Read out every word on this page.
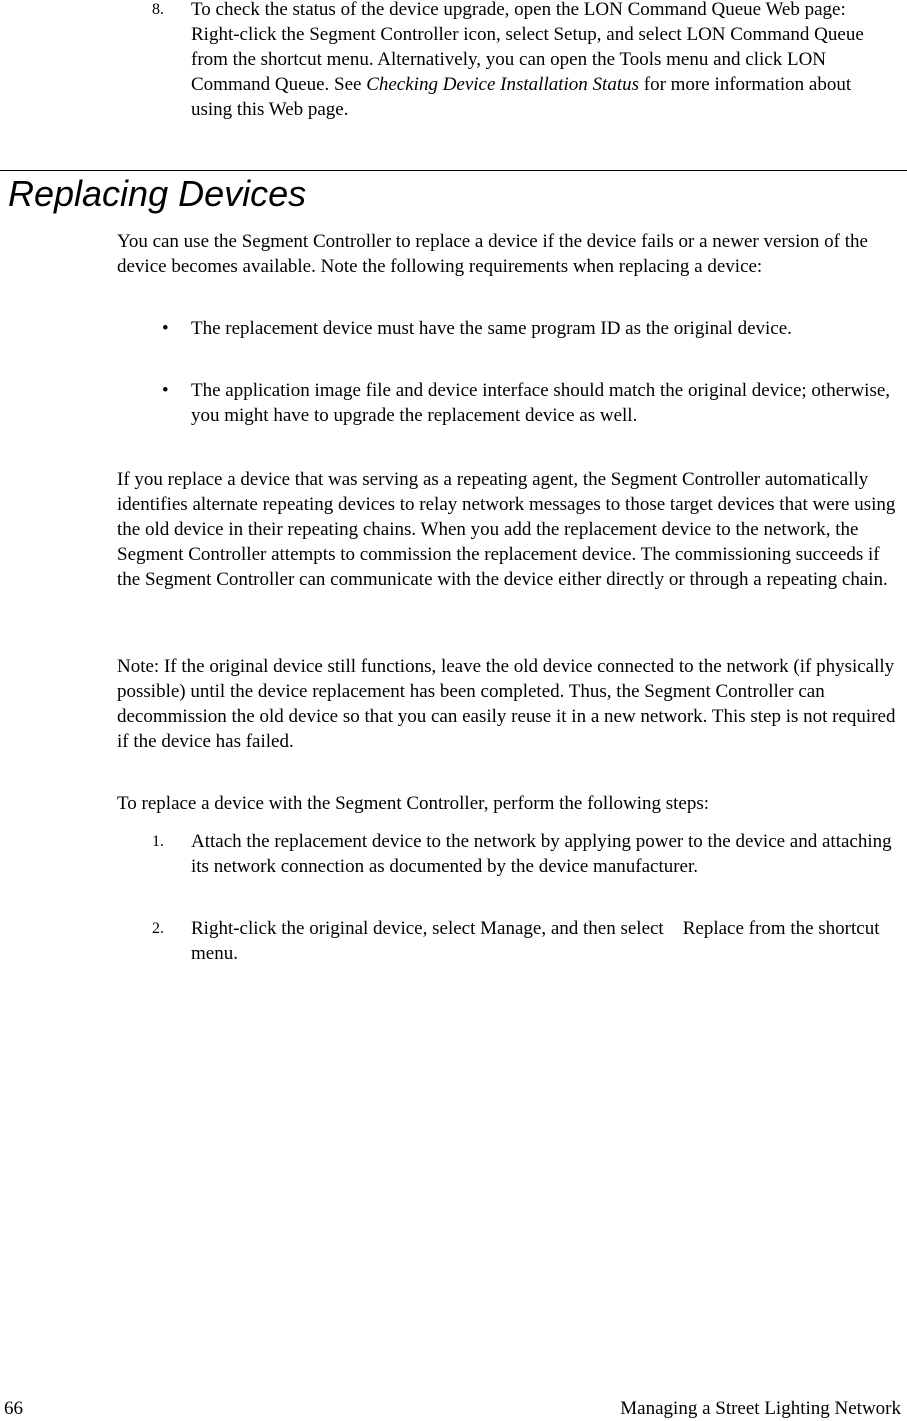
8. To check the status of the device upgrade, open the LON Command Queue Web page: Right-click the Segment Controller icon, select Setup, and select LON Command Queue from the shortcut menu. Alternatively, you can open the Tools menu and click LON Command Queue. See Checking Device Installation Status for more information about using this Web page.
Replacing Devices

You can use the Segment Controller to replace a device if the device fails or a newer version of the device becomes available. Note the following requirements when replacing a device:

• The replacement device must have the same program ID as the original device.
• The application image file and device interface should match the original device; otherwise, you might have to upgrade the replacement device as well.

If you replace a device that was serving as a repeating agent, the Segment Controller automatically identifies alternate repeating devices to relay network messages to those target devices that were using the old device in their repeating chains. When you add the replacement device to the network, the Segment Controller attempts to commission the replacement device. The commissioning succeeds if the Segment Controller can communicate with the device either directly or through a repeating chain.

Note: If the original device still functions, leave the old device connected to the network (if physically possible) until the device replacement has been completed. Thus, the Segment Controller can decommission the old device so that you can easily reuse it in a new network. This step is not required if the device has failed.

To replace a device with the Segment Controller, perform the following steps:

1. Attach the replacement device to the network by applying power to the device and attaching its network connection as documented by the device manufacturer.
2. Right-click the original device, select Manage, and then select    Replace from the shortcut menu.
66	Managing a Street Lighting Network
